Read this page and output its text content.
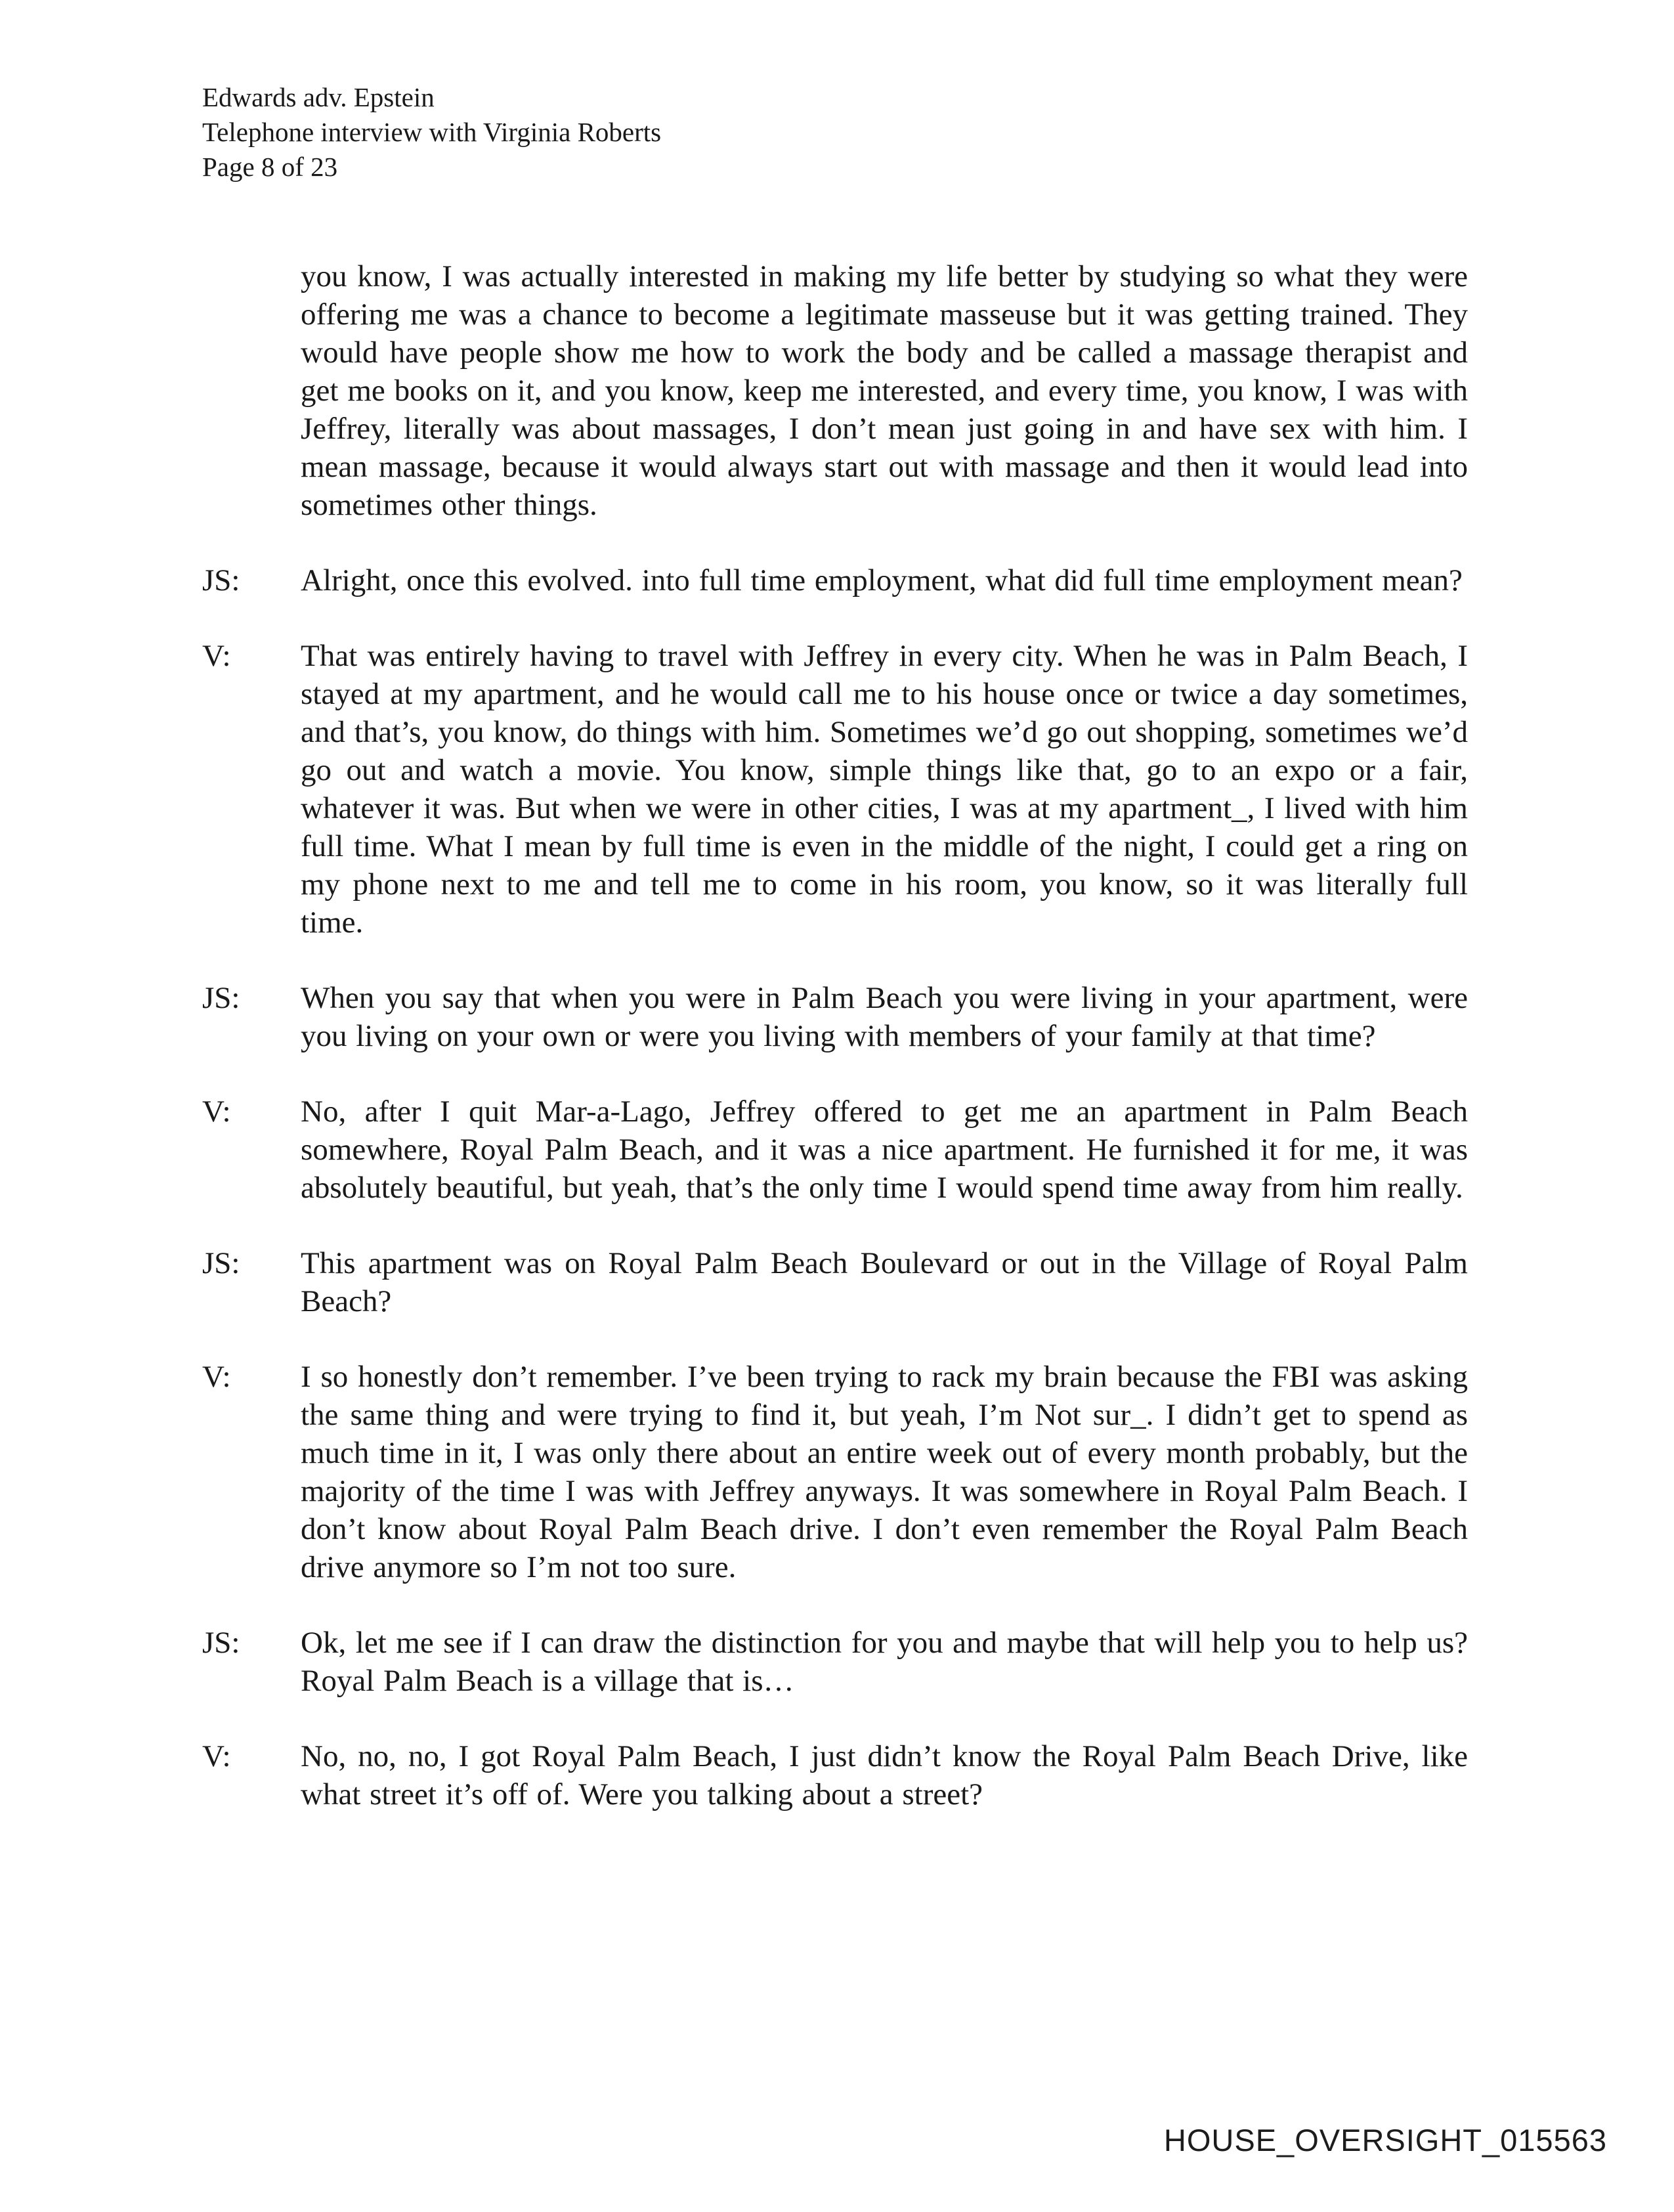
Edwards adv. Epstein
Telephone interview with Virginia Roberts
Page 8 of 23
you know, I was actually interested in making my life better by studying so what they were offering me was a chance to become a legitimate masseuse but it was getting trained. They would have people show me how to work the body and be called a massage therapist and get me books on it, and you know, keep me interested, and every time, you know, I was with Jeffrey, literally was about massages, I don’t mean just going in and have sex with him. I mean massage, because it would always start out with massage and then it would lead into sometimes other things.
JS:	Alright, once this evolved. into full time employment, what did full time employment mean?
V:	That was entirely having to travel with Jeffrey in every city. When he was in Palm Beach, I stayed at my apartment, and he would call me to his house once or twice a day sometimes, and that’s, you know, do things with him. Sometimes we’d go out shopping, sometimes we’d go out and watch a movie. You know, simple things like that, go to an expo or a fair, whatever it was. But when we were in other cities, I was at my apartment_, I lived with him full time. What I mean by full time is even in the middle of the night, I could get a ring on my phone next to me and tell me to come in his room, you know, so it was literally full time.
JS:	When you say that when you were in Palm Beach you were living in your apartment, were you living on your own or were you living with members of your family at that time?
V:	No, after I quit Mar-a-Lago, Jeffrey offered to get me an apartment in Palm Beach somewhere, Royal Palm Beach, and it was a nice apartment. He furnished it for me, it was absolutely beautiful, but yeah, that’s the only time I would spend time away from him really.
JS:	This apartment was on Royal Palm Beach Boulevard or out in the Village of Royal Palm Beach?
V:	I so honestly don’t remember. I’ve been trying to rack my brain because the FBI was asking the same thing and were trying to find it, but yeah, I’m Not sur_. I didn’t get to spend as much time in it, I was only there about an entire week out of every month probably, but the majority of the time I was with Jeffrey anyways. It was somewhere in Royal Palm Beach. I don’t know about Royal Palm Beach drive. I don’t even remember the Royal Palm Beach drive anymore so I’m not too sure.
JS:	Ok, let me see if I can draw the distinction for you and maybe that will help you to help us? Royal Palm Beach is a village that is…
V:	No, no, no, I got Royal Palm Beach, I just didn’t know the Royal Palm Beach Drive, like what street it’s off of. Were you talking about a street?
HOUSE_OVERSIGHT_015563
